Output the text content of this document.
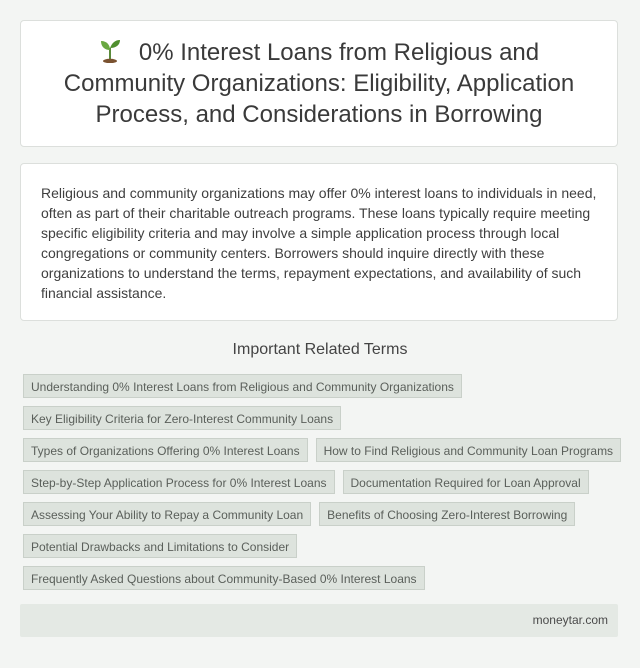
0% Interest Loans from Religious and Community Organizations: Eligibility, Application Process, and Considerations in Borrowing

Religious and community organizations may offer 0% interest loans to individuals in need, often as part of their charitable outreach programs. These loans typically require meeting specific eligibility criteria and may involve a simple application process through local congregations or community centers. Borrowers should inquire directly with these organizations to understand the terms, repayment expectations, and availability of such financial assistance.

Important Related Terms
Understanding 0% Interest Loans from Religious and Community Organizations
Key Eligibility Criteria for Zero-Interest Community Loans
Types of Organizations Offering 0% Interest Loans	How to Find Religious and Community Loan Programs
Step-by-Step Application Process for 0% Interest Loans	Documentation Required for Loan Approval
Assessing Your Ability to Repay a Community Loan	Benefits of Choosing Zero-Interest Borrowing
Potential Drawbacks and Limitations to Consider
Frequently Asked Questions about Community-Based 0% Interest Loans
moneytar.com
